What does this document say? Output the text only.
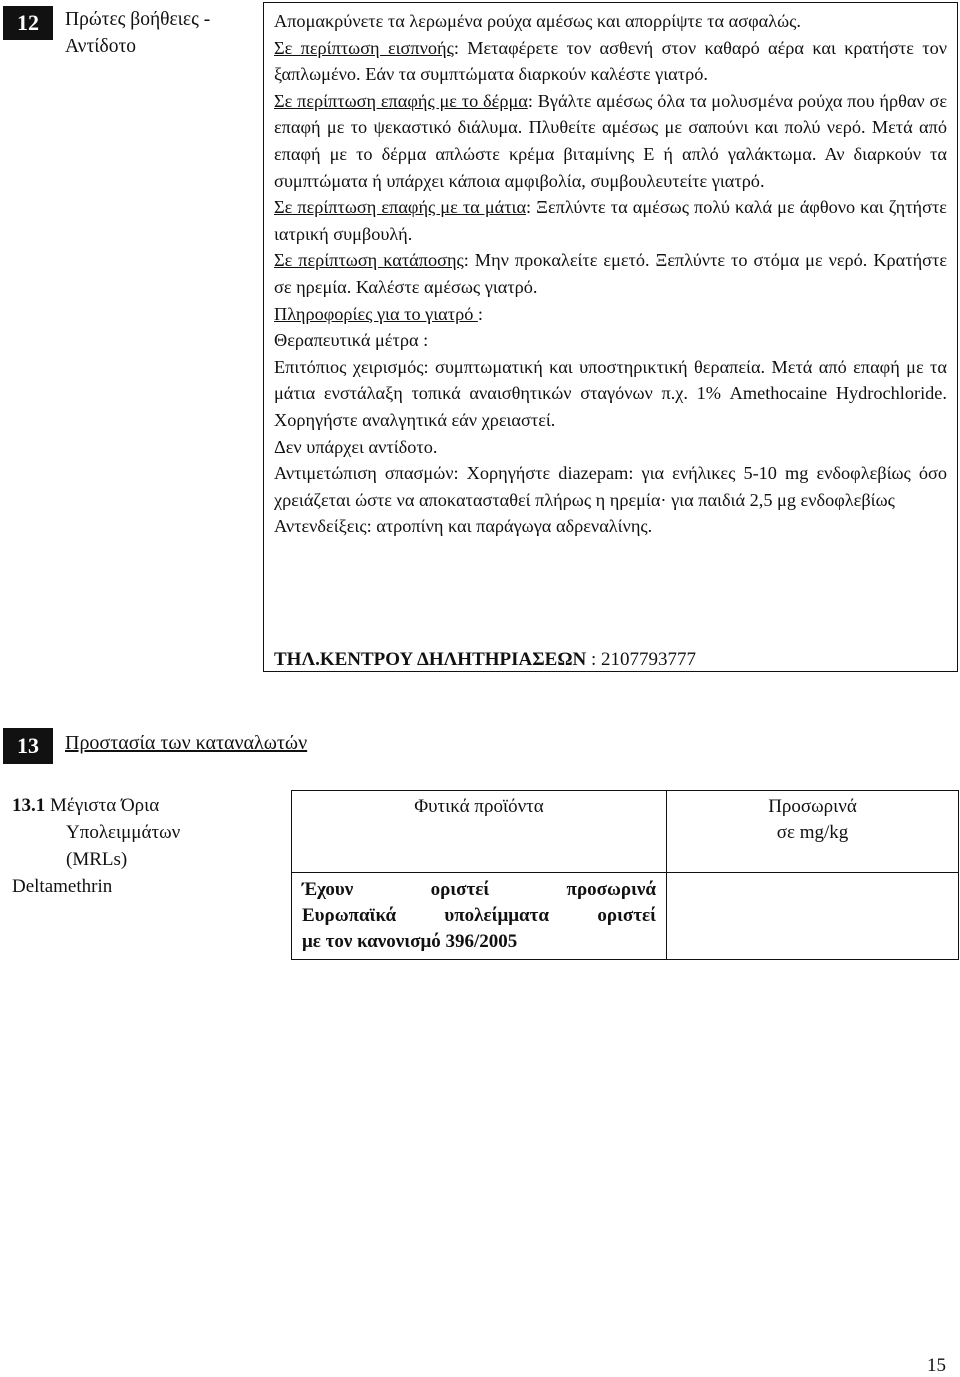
12 Πρώτες βοήθειες -
Αντίδοτο

Απομακρύνετε τα λερωμένα ρούχα αμέσως και απορρίψτε τα ασφαλώς.

Σε περίπτωση εισπνοής: Μεταφέρετε τον ασθενή στον καθαρό αέρα και κρατήστε τον ξαπλωμένο. Εάν τα συμπτώματα διαρκούν καλέστε γιατρό.

Σε περίπτωση επαφής με το δέρμα: Βγάλτε αμέσως όλα τα μολυσμένα ρούχα που ήρθαν σε επαφή με το ψεκαστικό διάλυμα. Πλυθείτε αμέσως με σαπούνι και πολύ νερό. Μετά από επαφή με το δέρμα απλώστε κρέμα βιταμίνης Ε ή απλό γαλάκτωμα. Αν διαρκούν τα συμπτώματα ή υπάρχει κάποια αμφιβολία, συμβουλευτείτε γιατρό.

Σε περίπτωση επαφής με τα μάτια: Ξεπλύντε τα αμέσως πολύ καλά με άφθονο και ζητήστε ιατρική συμβουλή.

Σε περίπτωση κατάποσης: Μην προκαλείτε εμετό. Ξεπλύντε το στόμα με νερό. Κρατήστε σε ηρεμία. Καλέστε αμέσως γιατρό.

Πληροφορίες για το γιατρό :

Θεραπευτικά μέτρα :

Επιτόπιος χειρισμός: συμπτωματική και υποστηρικτική θεραπεία. Μετά από επαφή με τα μάτια ενστάλαξη τοπικά αναισθητικών σταγόνων π.χ. 1% Amethocaine Hydrochloride. Χορηγήστε αναλγητικά εάν χρειαστεί.

Δεν υπάρχει αντίδοτο.

Αντιμετώπιση σπασμών: Χορηγήστε diazepam: για ενήλικες 5-10 mg ενδοφλεβίως όσο χρειάζεται ώστε να αποκατασταθεί πλήρως η ηρεμία· για παιδιά 2,5 μg ενδοφλεβίως

Αντενδείξεις: ατροπίνη και παράγωγα αδρεναλίνης.

ΤΗΛ.ΚΕΝΤΡΟΥ ΔΗΛΗΤΗΡΙΑΣΕΩΝ : 2107793777
13 Προστασία των καταναλωτών
13.1 Μέγιστα Όρια
Υπολειμμάτων
(MRLs)
Deltamethrin
Φυτικά προϊόντα	Προσωρινά
σε mg/kg

Έχουν οριστεί προσωρινά
Ευρωπαϊκά υπολείμματα οριστεί
με τον κανονισμό 396/2005	

15
